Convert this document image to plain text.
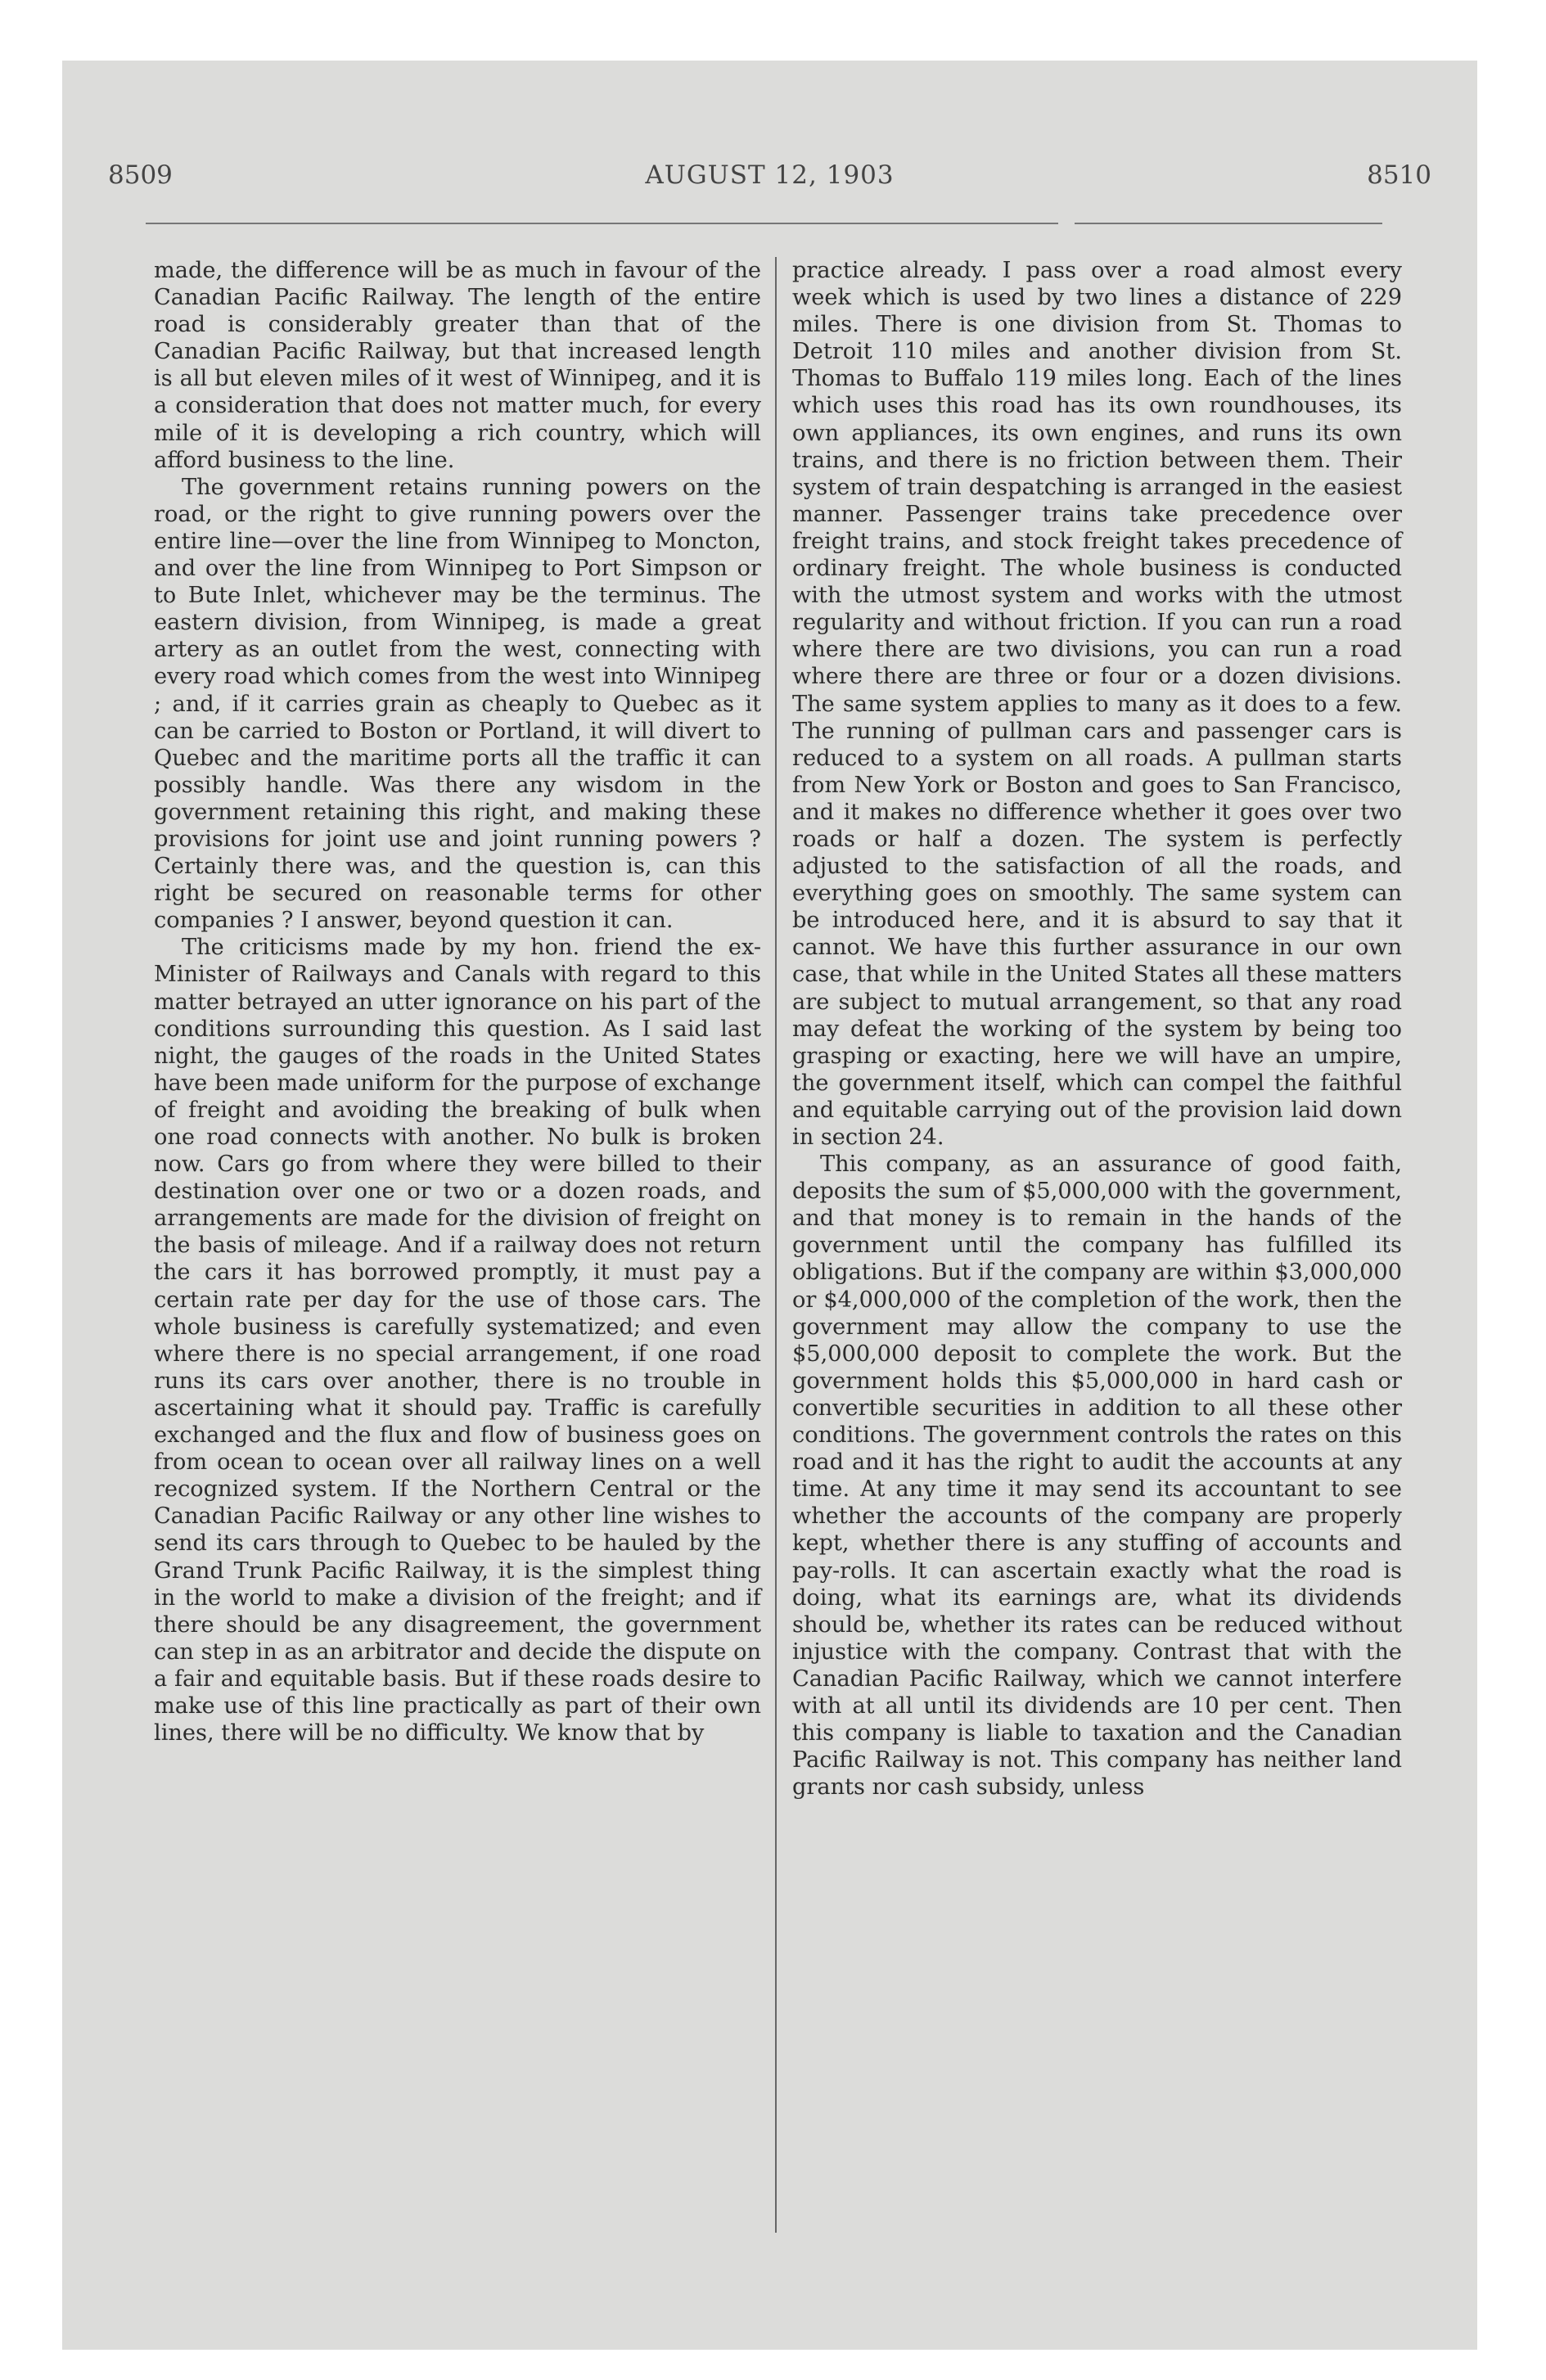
8509	AUGUST 12, 1903	8510

made, the difference will be as much in favour of the Canadian Pacific Railway. The length of the entire road is considerably greater than that of the Canadian Pacific Railway, but that increased length is all but eleven miles of it west of Winnipeg, and it is a consideration that does not matter much, for every mile of it is developing a rich country, which will afford business to the line.

The government retains running powers on the road, or the right to give running powers over the entire line—over the line from Winnipeg to Moncton, and over the line from Winnipeg to Port Simpson or to Bute Inlet, whichever may be the terminus. The eastern division, from Winnipeg, is made a great artery as an outlet from the west, connecting with every road which comes from the west into Winnipeg ; and, if it carries grain as cheaply to Quebec as it can be carried to Boston or Portland, it will divert to Quebec and the maritime ports all the traffic it can possibly handle. Was there any wisdom in the government retaining this right, and making these provisions for joint use and joint running powers ? Certainly there was, and the question is, can this right be secured on reasonable terms for other companies ? I answer, beyond question it can.

The criticisms made by my hon. friend the ex-Minister of Railways and Canals with regard to this matter betrayed an utter ignorance on his part of the conditions surrounding this question. As I said last night, the gauges of the roads in the United States have been made uniform for the purpose of exchange of freight and avoiding the breaking of bulk when one road connects with another. No bulk is broken now. Cars go from where they were billed to their destination over one or two or a dozen roads, and arrangements are made for the division of freight on the basis of mileage. And if a railway does not return the cars it has borrowed promptly, it must pay a certain rate per day for the use of those cars. The whole business is carefully systematized; and even where there is no special arrangement, if one road runs its cars over another, there is no trouble in ascertaining what it should pay. Traffic is carefully exchanged and the flux and flow of business goes on from ocean to ocean over all railway lines on a well recognized system. If the Northern Central or the Canadian Pacific Railway or any other line wishes to send its cars through to Quebec to be hauled by the Grand Trunk Pacific Railway, it is the simplest thing in the world to make a division of the freight; and if there should be any disagreement, the government can step in as an arbitrator and decide the dispute on a fair and equitable basis. But if these roads desire to make use of this line practically as part of their own lines, there will be no difficulty. We know that by

practice already. I pass over a road almost every week which is used by two lines a distance of 229 miles. There is one division from St. Thomas to Detroit 110 miles and another division from St. Thomas to Buffalo 119 miles long. Each of the lines which uses this road has its own roundhouses, its own appliances, its own engines, and runs its own trains, and there is no friction between them. Their system of train despatching is arranged in the easiest manner. Passenger trains take precedence over freight trains, and stock freight takes precedence of ordinary freight. The whole business is conducted with the utmost system and works with the utmost regularity and without friction. If you can run a road where there are two divisions, you can run a road where there are three or four or a dozen divisions. The same system applies to many as it does to a few. The running of pullman cars and passenger cars is reduced to a system on all roads. A pullman starts from New York or Boston and goes to San Francisco, and it makes no difference whether it goes over two roads or half a dozen. The system is perfectly adjusted to the satisfaction of all the roads, and everything goes on smoothly. The same system can be introduced here, and it is absurd to say that it cannot. We have this further assurance in our own case, that while in the United States all these matters are subject to mutual arrangement, so that any road may defeat the working of the system by being too grasping or exacting, here we will have an umpire, the government itself, which can compel the faithful and equitable carrying out of the provision laid down in section 24.

This company, as an assurance of good faith, deposits the sum of $5,000,000 with the government, and that money is to remain in the hands of the government until the company has fulfilled its obligations. But if the company are within $3,000,000 or $4,000,000 of the completion of the work, then the government may allow the company to use the $5,000,000 deposit to complete the work. But the government holds this $5,000,000 in hard cash or convertible securities in addition to all these other conditions. The government controls the rates on this road and it has the right to audit the accounts at any time. At any time it may send its accountant to see whether the accounts of the company are properly kept, whether there is any stuffing of accounts and pay-rolls. It can ascertain exactly what the road is doing, what its earnings are, what its dividends should be, whether its rates can be reduced without injustice with the company. Contrast that with the Canadian Pacific Railway, which we cannot interfere with at all until its dividends are 10 per cent. Then this company is liable to taxation and the Canadian Pacific Railway is not. This company has neither land grants nor cash subsidy, unless
